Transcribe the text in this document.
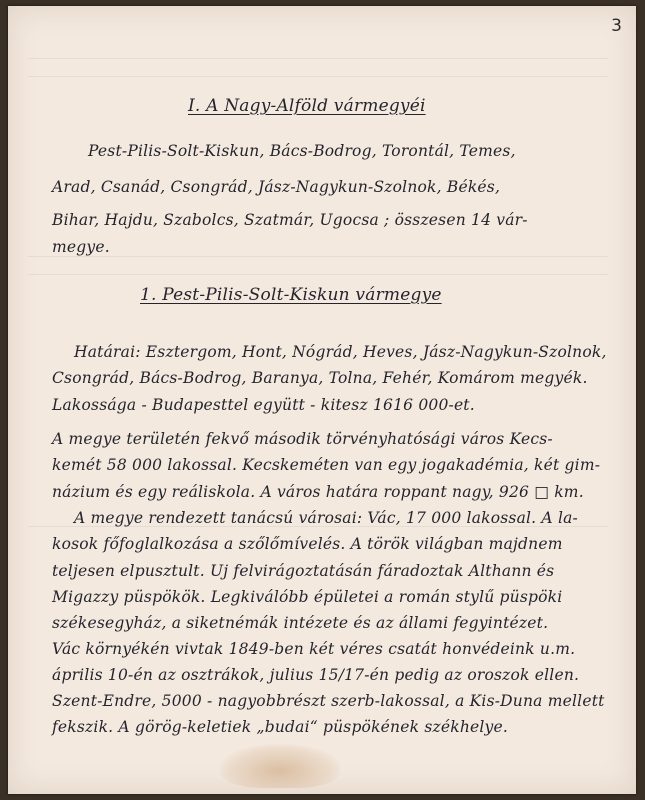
3
I. A Nagy-Alföld vármegyéi
Pest-Pilis-Solt-Kiskun, Bács-Bodrog, Torontál, Temes,
Arad, Csanád, Csongrád, Jász-Nagykun-Szolnok, Békés,
Bihar, Hajdu, Szabolcs, Szatmár, Ugocsa ; összesen 14 vár-
megye.
1. Pest-Pilis-Solt-Kiskun vármegye
Határai: Esztergom, Hont, Nógrád, Heves, Jász-Nagykun-Szolnok,
Csongrád, Bács-Bodrog, Baranya, Tolna, Fehér, Komárom megyék.
Lakossága - Budapesttel együtt - kitesz 1616 000-et.
A megye területén fekvő második törvényhatósági város Kecs-
kemét 58 000 lakossal. Kecskeméten van egy jogakadémia, két gim-
názium és egy reáliskola. A város határa roppant nagy, 926 □ km.
A megye rendezett tanácsú városai: Vác, 17 000 lakossal. A la-
kosok főfoglalkozása a szőlőmívelés. A török világban majdnem
teljesen elpusztult. Uj felvirágoztatásán fáradoztak Althann és
Migazzy püspökök. Legkiválóbb épületei a román stylű püspöki
székesegyház, a siketnémák intézete és az állami fegyintézet.
Vác környékén vivtak 1849-ben két véres csatát honvédeink u.m.
április 10-én az osztrákok, julius 15/17-én pedig az oroszok ellen.
Szent-Endre, 5000 - nagyobbrészt szerb-lakossal, a Kis-Duna mellett
fekszik. A görög-keletiek „budai“ püspökének székhelye.
